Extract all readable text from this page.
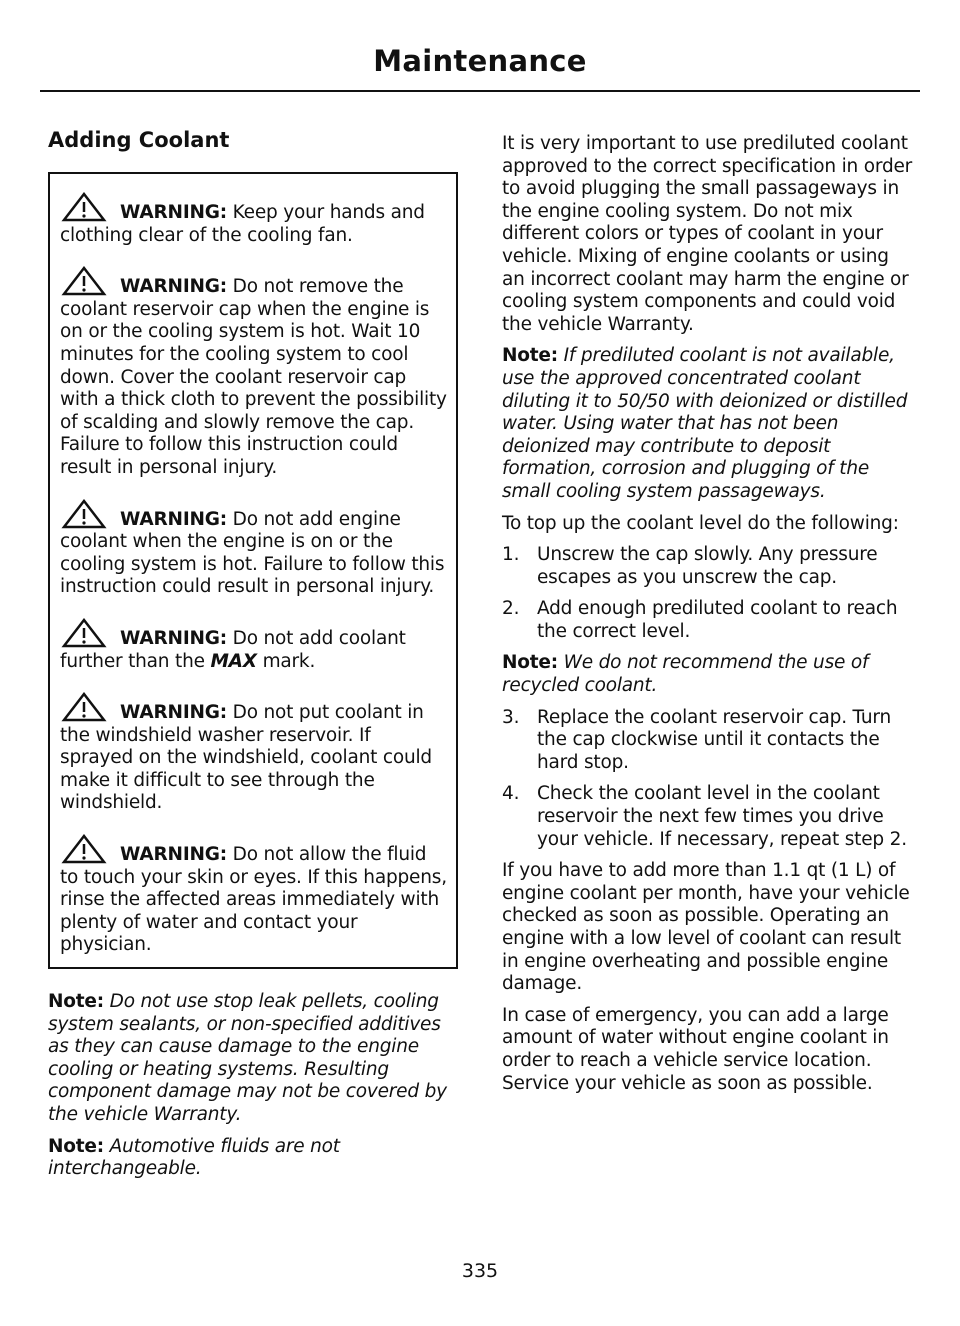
Maintenance
Adding Coolant

WARNING: Keep your hands and clothing clear of the cooling fan.

WARNING: Do not remove the coolant reservoir cap when the engine is on or the cooling system is hot. Wait 10 minutes for the cooling system to cool down. Cover the coolant reservoir cap with a thick cloth to prevent the possibility of scalding and slowly remove the cap. Failure to follow this instruction could result in personal injury.

WARNING: Do not add engine coolant when the engine is on or the cooling system is hot. Failure to follow this instruction could result in personal injury.

WARNING: Do not add coolant further than the MAX mark.

WARNING: Do not put coolant in the windshield washer reservoir. If sprayed on the windshield, coolant could make it difficult to see through the windshield.

WARNING: Do not allow the fluid to touch your skin or eyes. If this happens, rinse the affected areas immediately with plenty of water and contact your physician.

Note: Do not use stop leak pellets, cooling system sealants, or non-specified additives as they can cause damage to the engine cooling or heating systems. Resulting component damage may not be covered by the vehicle Warranty.

Note: Automotive fluids are not interchangeable.

It is very important to use prediluted coolant approved to the correct specification in order to avoid plugging the small passageways in the engine cooling system. Do not mix different colors or types of coolant in your vehicle. Mixing of engine coolants or using an incorrect coolant may harm the engine or cooling system components and could void the vehicle Warranty.

Note: If prediluted coolant is not available, use the approved concentrated coolant diluting it to 50/50 with deionized or distilled water. Using water that has not been deionized may contribute to deposit formation, corrosion and plugging of the small cooling system passageways.

To top up the coolant level do the following:

1. Unscrew the cap slowly. Any pressure escapes as you unscrew the cap.
2. Add enough prediluted coolant to reach the correct level.

Note: We do not recommend the use of recycled coolant.

3. Replace the coolant reservoir cap. Turn the cap clockwise until it contacts the hard stop.
4. Check the coolant level in the coolant reservoir the next few times you drive your vehicle. If necessary, repeat step 2.

If you have to add more than 1.1 qt (1 L) of engine coolant per month, have your vehicle checked as soon as possible. Operating an engine with a low level of coolant can result in engine overheating and possible engine damage.

In case of emergency, you can add a large amount of water without engine coolant in order to reach a vehicle service location. Service your vehicle as soon as possible.

335
